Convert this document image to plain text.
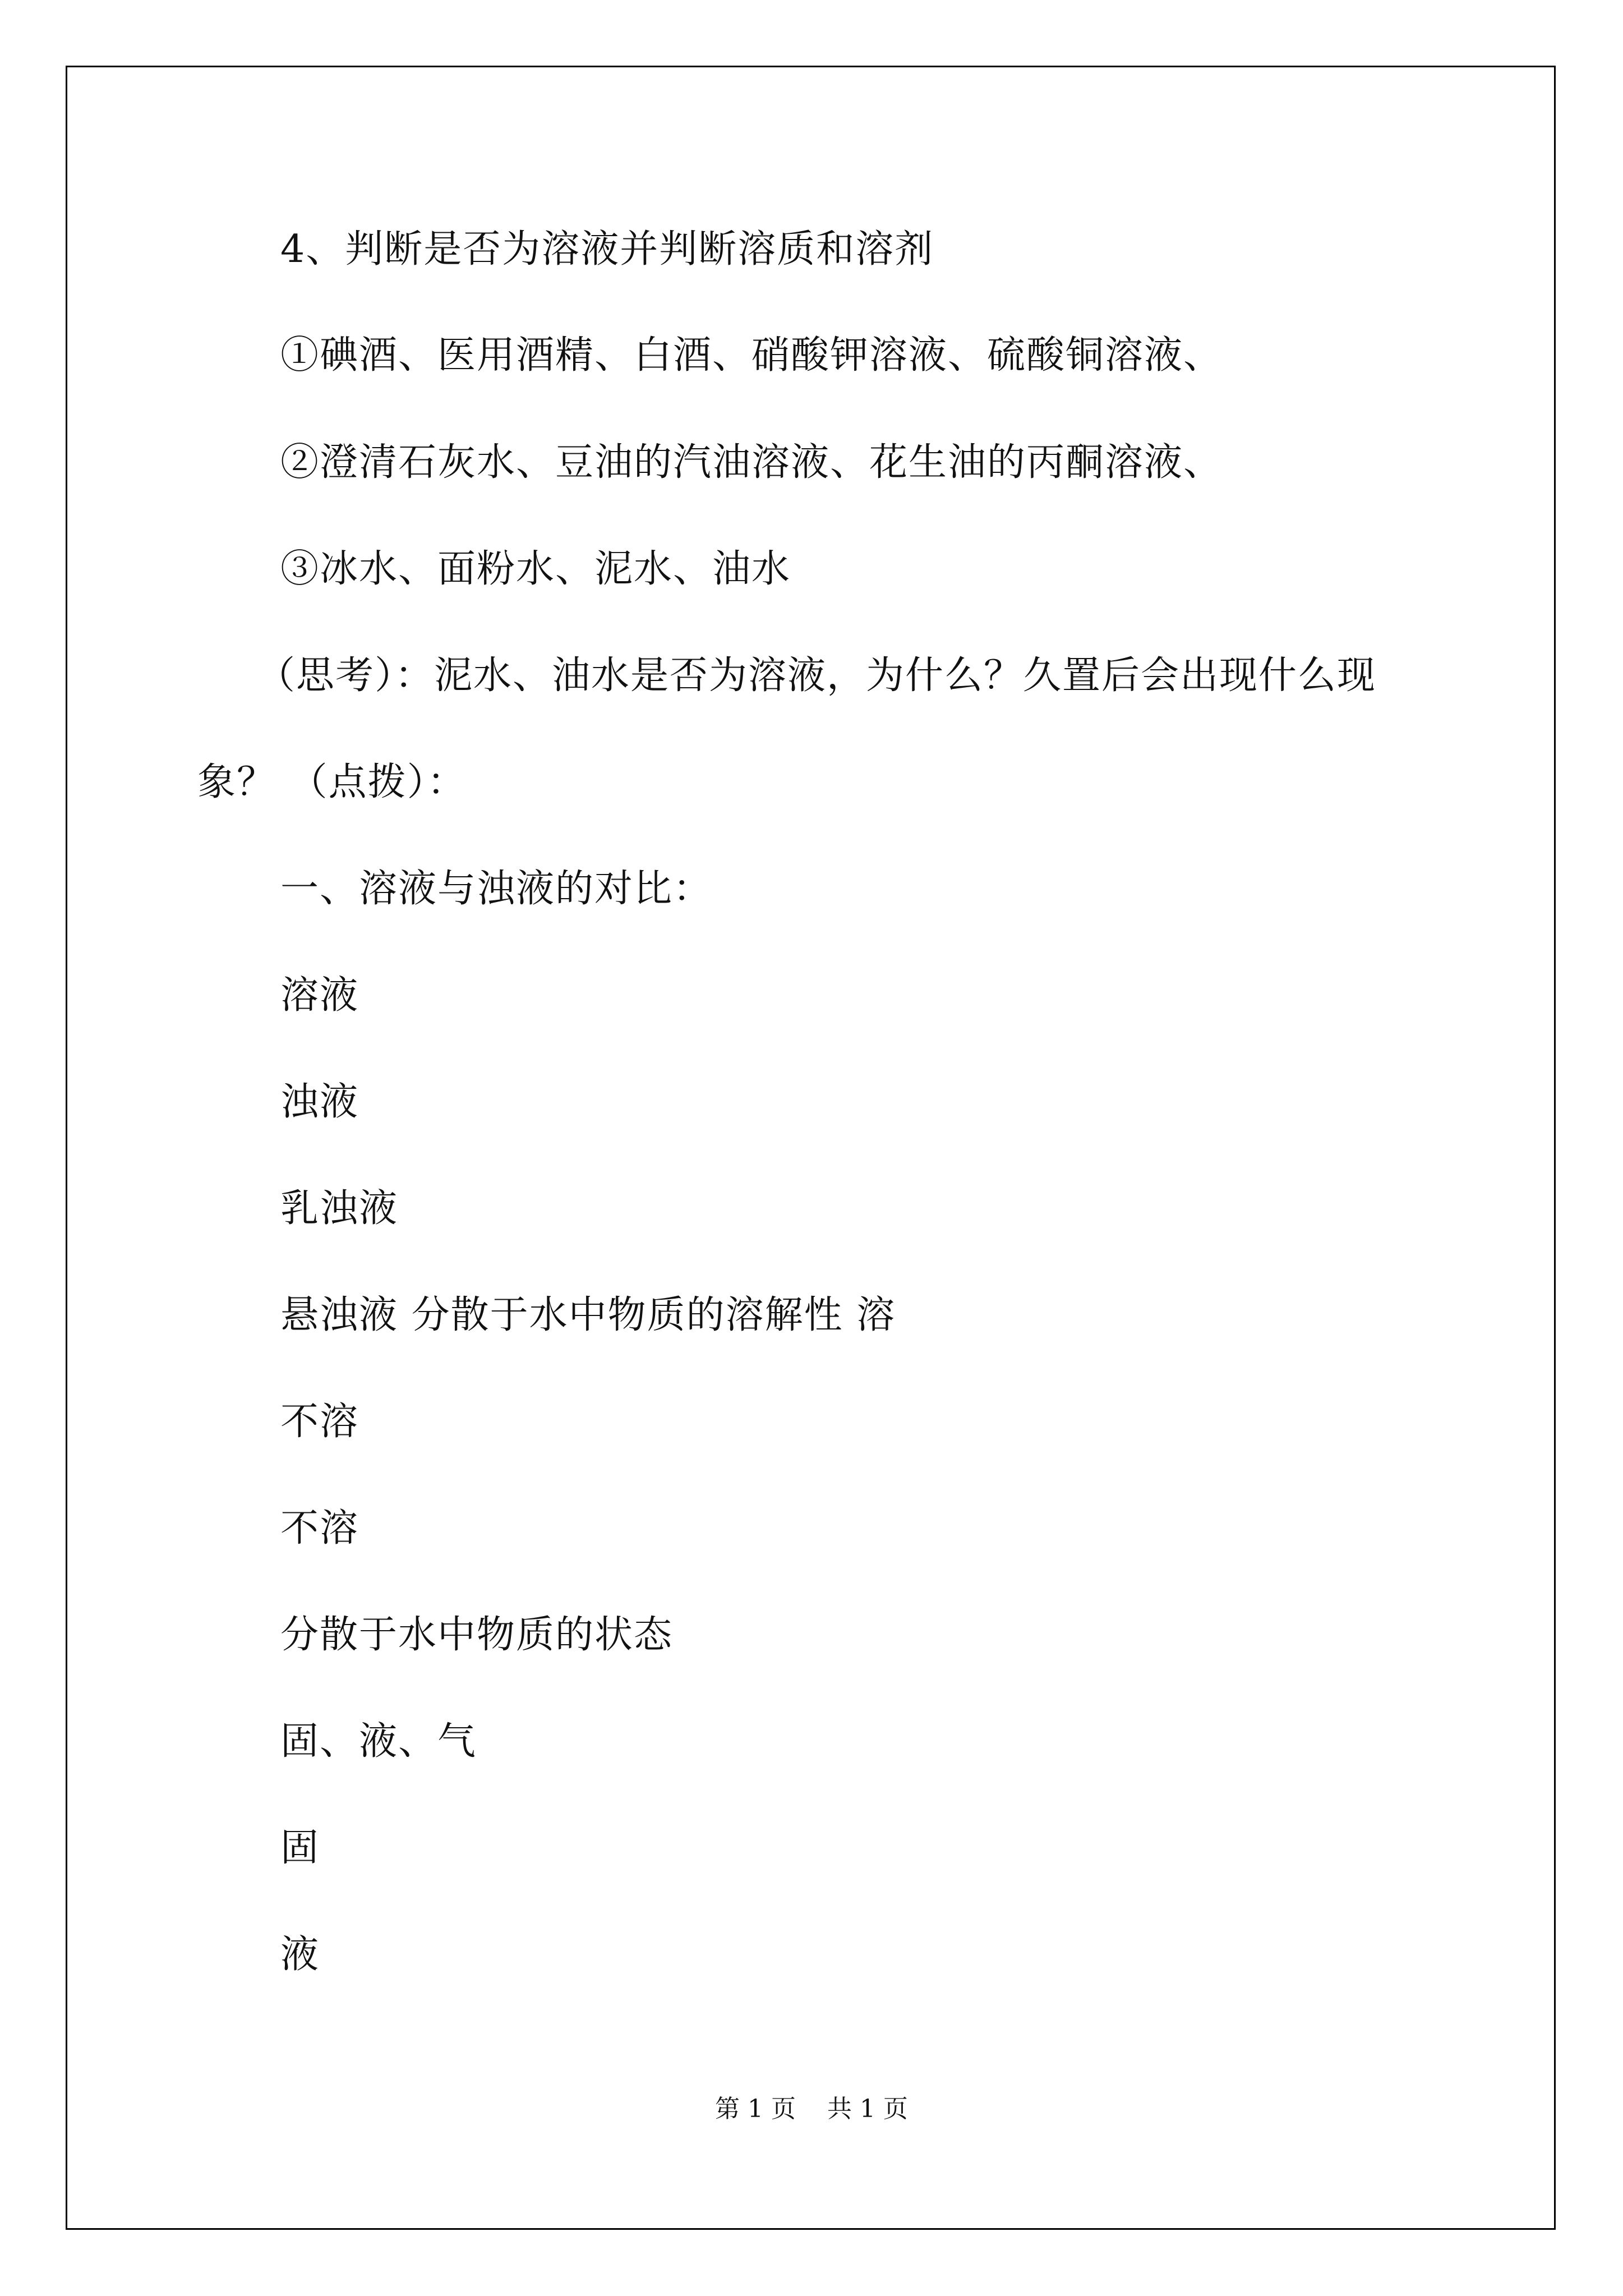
4、判断是否为溶液并判断溶质和溶剂
①碘酒、医用酒精、白酒、硝酸钾溶液、硫酸铜溶液、
②澄清石灰水、豆油的汽油溶液、花生油的丙酮溶液、
③冰水、面粉水、泥水、油水
（思考）：泥水、油水是否为溶液，为什么？久置后会出现什么现
象？ （点拨）：
一、溶液与浊液的对比：
溶液
浊液
乳浊液
悬浊液 分散于水中物质的溶解性 溶
不溶
不溶
分散于水中物质的状态
固、液、气
固
液
第 1 页    共 1 页
